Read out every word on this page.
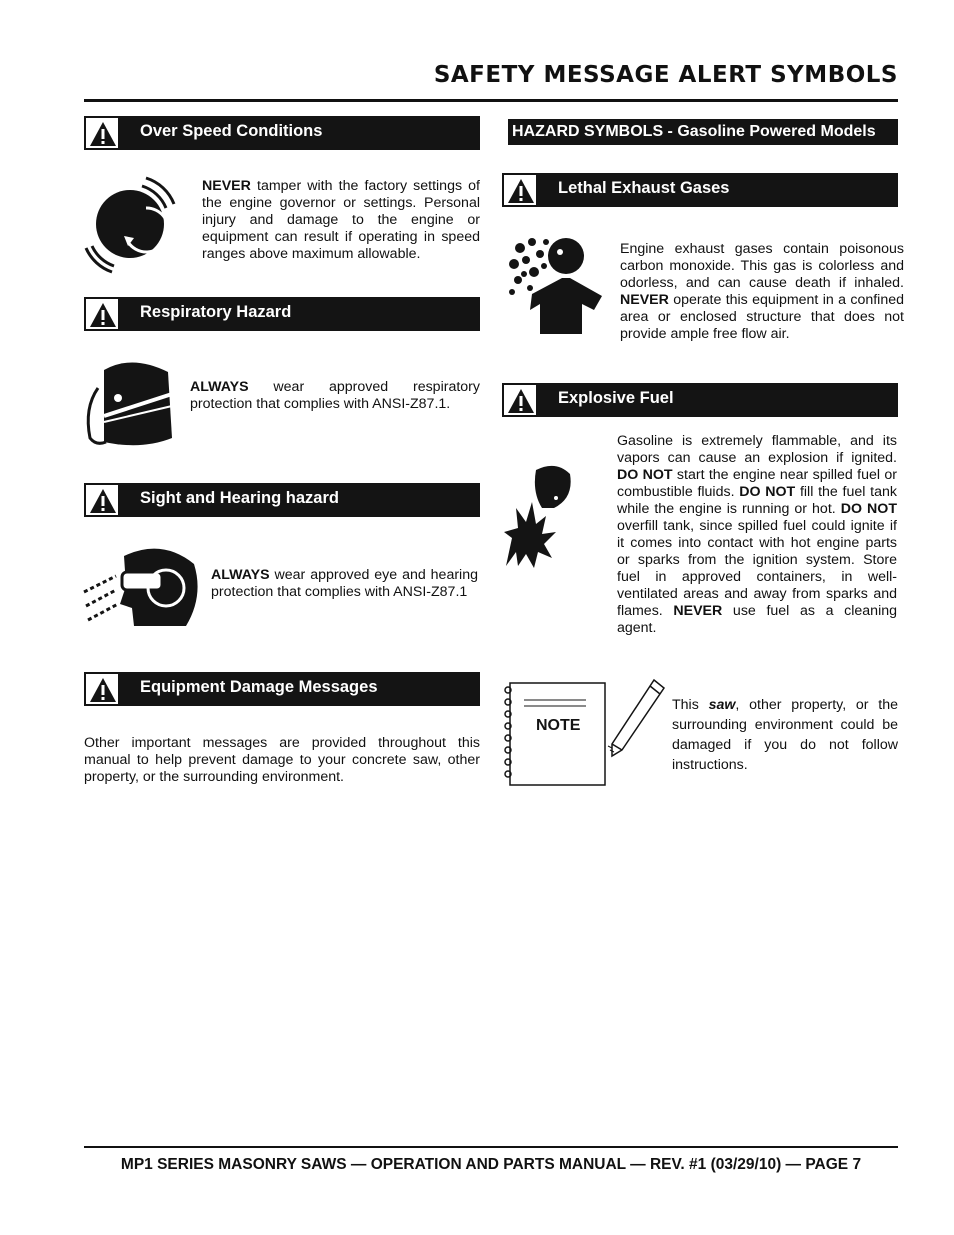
SAFETY MESSAGE ALERT SYMBOLS
Over Speed Conditions
NEVER tamper with the factory settings of the engine governor or settings. Personal injury and damage to the engine or equipment can result if operating in speed ranges above maximum allowable.
Respiratory Hazard
ALWAYS wear approved respiratory protection that complies with ANSI-Z87.1.
Sight and Hearing hazard
ALWAYS wear approved eye and hearing protection that complies with ANSI-Z87.1
Equipment Damage Messages
Other important messages are provided throughout this manual to help prevent damage to your concrete saw, other property, or the surrounding environment.
HAZARD SYMBOLS - Gasoline Powered Models
Lethal Exhaust Gases
Engine exhaust gases contain poisonous carbon monoxide. This gas is colorless and odorless, and can cause death if inhaled. NEVER operate this equipment in a confined area or enclosed structure that does not provide ample free flow air.
Explosive Fuel
Gasoline is extremely flammable, and its vapors can cause an explosion if ignited. DO NOT start the engine near spilled fuel or combustible fluids. DO NOT fill the fuel tank while the engine is running or hot. DO NOT overfill tank, since spilled fuel could ignite if it comes into contact with hot engine parts or sparks from the ignition system. Store fuel in approved containers, in well-ventilated areas and away from sparks and flames. NEVER use fuel as a cleaning agent.
NOTE
This saw, other property, or the surrounding environment could be damaged if you do not follow instructions.
MP1 SERIES MASONRY SAWS — OPERATION AND PARTS MANUAL — REV. #1 (03/29/10) — PAGE 7
